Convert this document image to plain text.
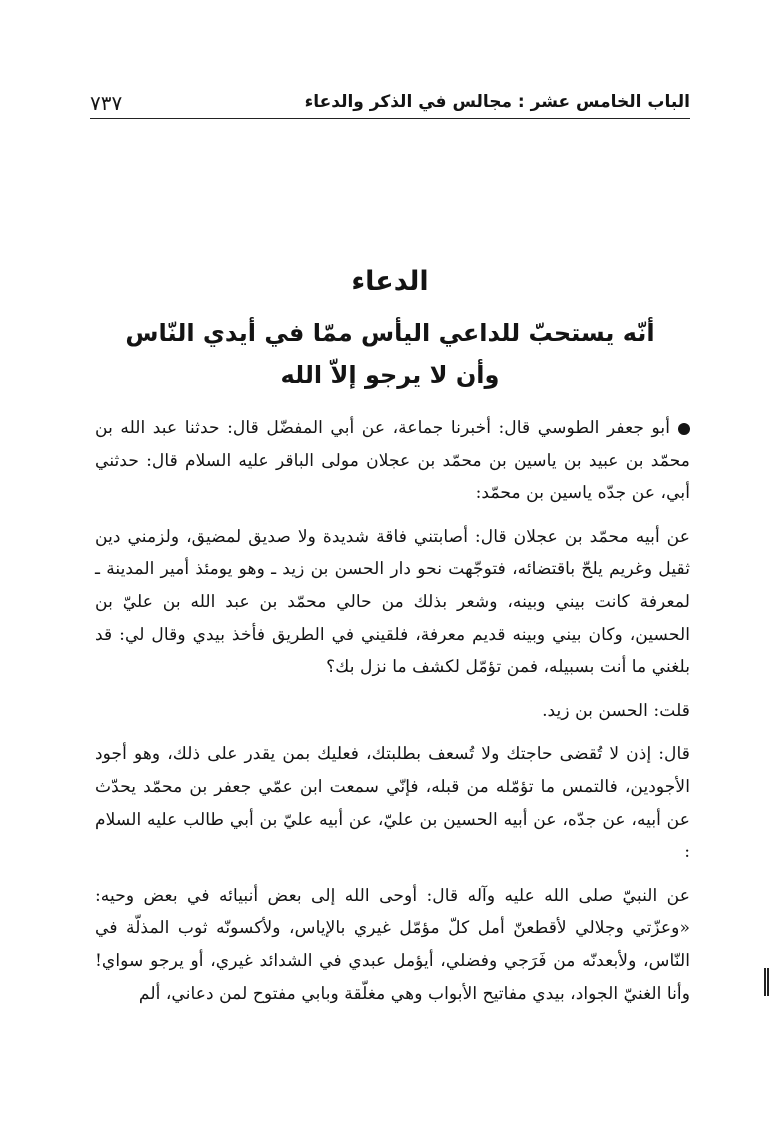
الباب الخامس عشر : مجالس في الذكر والدعاء
٧٣٧
الدعاء
أنّه يستحبّ للداعي اليأس ممّا في أيدي النّاس
وأن لا يرجو إلاّ الله

أبو جعفر الطوسي قال: أخبرنا جماعة، عن أبي المفضّل قال: حدثنا عبد الله بن محمّد بن عبيد بن ياسين بن محمّد بن عجلان مولى الباقر عليه السلام قال: حدثني أبي، عن جدّه ياسين بن محمّد:

عن أبيه محمّد بن عجلان قال: أصابتني فاقة شديدة ولا صديق لمضيق، ولزمني دين ثقيل وغريم يلحّ باقتضائه، فتوجّهت نحو دار الحسن بن زيد ـ وهو يومئذ أمير المدينة ـ لمعرفة كانت بيني وبينه، وشعر بذلك من حالي محمّد بن عبد الله بن عليّ بن الحسين، وكان بيني وبينه قديم معرفة، فلقيني في الطريق فأخذ بيدي وقال لي: قد بلغني ما أنت بسبيله، فمن تؤمّل لكشف ما نزل بك؟

قلت: الحسن بن زيد.

قال: إذن لا تُقضى حاجتك ولا تُسعف بطلبتك، فعليك بمن يقدر على ذلك، وهو أجود الأجودين، فالتمس ما تؤمّله من قبله، فإنّي سمعت ابن عمّي جعفر بن محمّد يحدّث عن أبيه، عن جدّه، عن أبيه الحسين بن عليّ، عن أبيه عليّ بن أبي طالب عليه السلام :

عن النبيّ صلى الله عليه وآله قال: أوحى الله إلى بعض أنبيائه في بعض وحيه: «وعزّتي وجلالي لأقطعنّ أمل كلّ مؤمّل غيري بالإياس، ولأكسونّه ثوب المذلّة في النّاس، ولأبعدنّه من فَرَجي وفضلي، أيؤمل عبدي في الشدائد غيري، أو يرجو سواي! وأنا الغنيّ الجواد، بيدي مفاتيح الأبواب وهي مغلّقة وبابي مفتوح لمن دعاني، ألم
